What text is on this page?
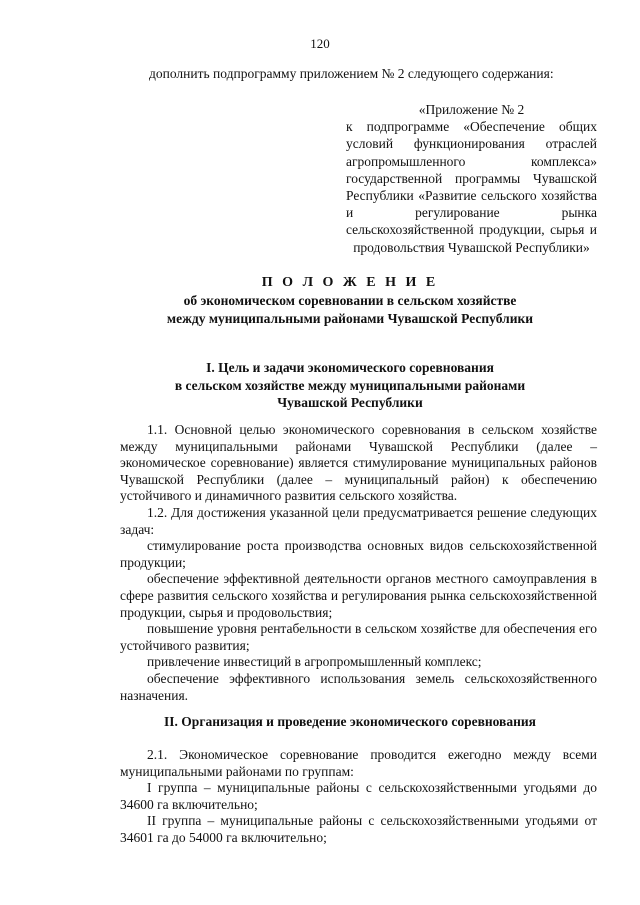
120
дополнить подпрограмму приложением № 2 следующего содержания:
«Приложение № 2
к подпрограмме «Обеспечение общих условий функционирования отраслей агропромышленного комплекса» государственной программы Чувашской Республики «Развитие сельского хозяйства и регулирование рынка сельскохозяйственной продукции, сырья и продовольствия Чувашской Республики»
П О Л О Ж Е Н И Е
об экономическом соревновании в сельском хозяйстве
между муниципальными районами Чувашской Республики
I. Цель и задачи экономического соревнования
в сельском хозяйстве между муниципальными районами
Чувашской Республики

1.1. Основной целью экономического соревнования в сельском хозяйстве между муниципальными районами Чувашской Республики (далее – экономическое соревнование) является стимулирование муниципальных районов Чувашской Республики (далее – муниципальный район) к обеспечению устойчивого и динамичного развития сельского хозяйства.

1.2. Для достижения указанной цели предусматривается решение следующих задач:

стимулирование роста производства основных видов сельскохозяйственной продукции;

обеспечение эффективной деятельности органов местного самоуправления в сфере развития сельского хозяйства и регулирования рынка сельскохозяйственной продукции, сырья и продовольствия;

повышение уровня рентабельности в сельском хозяйстве для обеспечения его устойчивого развития;

привлечение инвестиций в агропромышленный комплекс;

обеспечение эффективного использования земель сельскохозяйственного назначения.

II. Организация и проведение экономического соревнования

2.1. Экономическое соревнование проводится ежегодно между всеми муниципальными районами по группам:

I группа – муниципальные районы с сельскохозяйственными угодьями до 34600 га включительно;

II группа – муниципальные районы с сельскохозяйственными угодьями от 34601 га до 54000 га включительно;
